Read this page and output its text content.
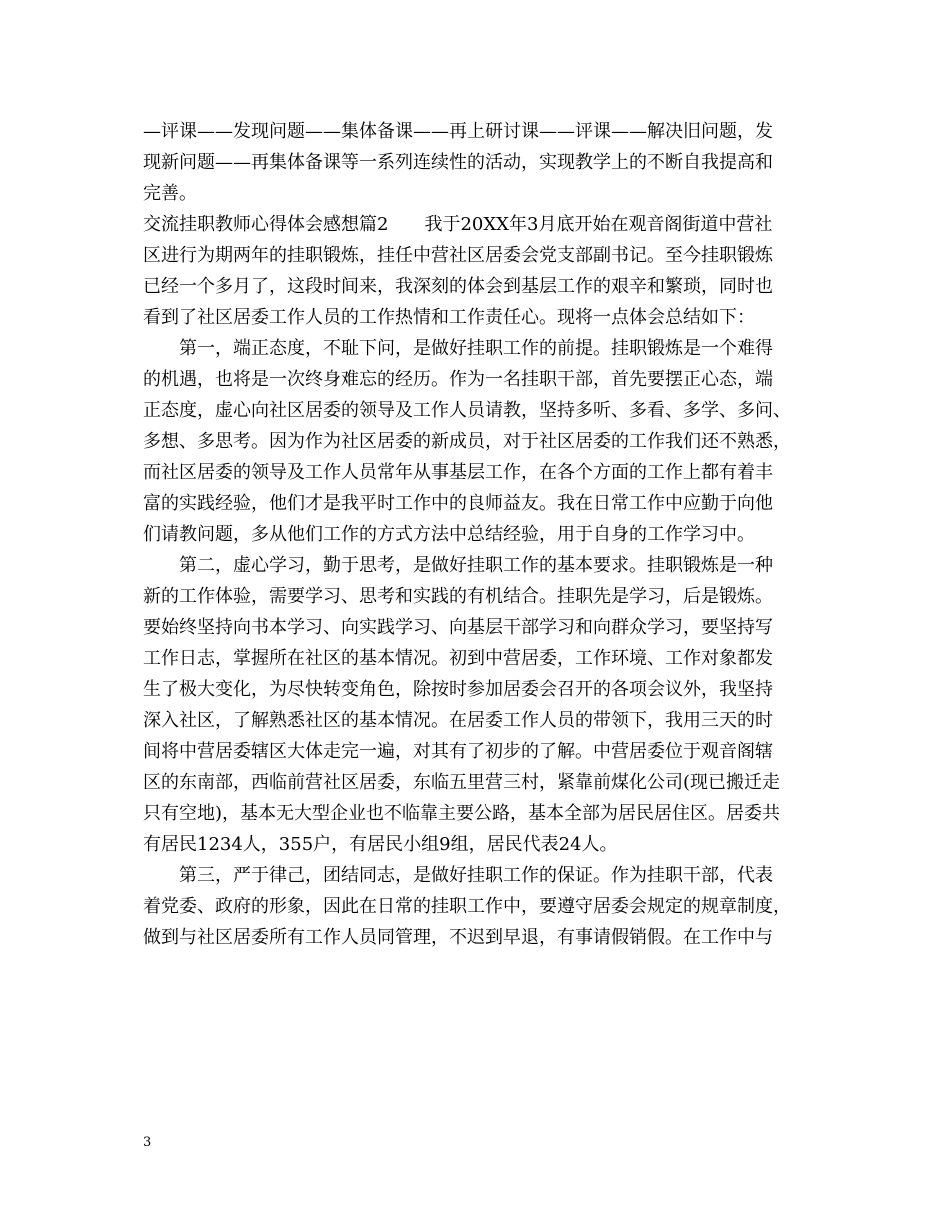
—评课——发现问题——集体备课——再上研讨课——评课——解决旧问题，发
现新问题——再集体备课等一系列连续性的活动，实现教学上的不断自我提高和
完善。
交流挂职教师心得体会感想篇2 我于20XX年3月底开始在观音阁街道中营社
区进行为期两年的挂职锻炼，挂任中营社区居委会党支部副书记。至今挂职锻炼
已经一个多月了，这段时间来，我深刻的体会到基层工作的艰辛和繁琐，同时也
看到了社区居委工作人员的工作热情和工作责任心。现将一点体会总结如下：
第一，端正态度，不耻下问，是做好挂职工作的前提。挂职锻炼是一个难得
的机遇，也将是一次终身难忘的经历。作为一名挂职干部，首先要摆正心态，端
正态度，虚心向社区居委的领导及工作人员请教，坚持多听、多看、多学、多问、
多想、多思考。因为作为社区居委的新成员，对于社区居委的工作我们还不熟悉，
而社区居委的领导及工作人员常年从事基层工作，在各个方面的工作上都有着丰
富的实践经验，他们才是我平时工作中的良师益友。我在日常工作中应勤于向他
们请教问题，多从他们工作的方式方法中总结经验，用于自身的工作学习中。
第二，虚心学习，勤于思考，是做好挂职工作的基本要求。挂职锻炼是一种
新的工作体验，需要学习、思考和实践的有机结合。挂职先是学习，后是锻炼。
要始终坚持向书本学习、向实践学习、向基层干部学习和向群众学习，要坚持写
工作日志，掌握所在社区的基本情况。初到中营居委，工作环境、工作对象都发
生了极大变化，为尽快转变角色，除按时参加居委会召开的各项会议外，我坚持
深入社区，了解熟悉社区的基本情况。在居委工作人员的带领下，我用三天的时
间将中营居委辖区大体走完一遍，对其有了初步的了解。中营居委位于观音阁辖
区的东南部，西临前营社区居委，东临五里营三村，紧靠前煤化公司(现已搬迁走
只有空地)，基本无大型企业也不临靠主要公路，基本全部为居民居住区。居委共
有居民1234人，355户，有居民小组9组，居民代表24人。
第三，严于律己，团结同志，是做好挂职工作的保证。作为挂职干部，代表
着党委、政府的形象，因此在日常的挂职工作中，要遵守居委会规定的规章制度，
做到与社区居委所有工作人员同管理，不迟到早退，有事请假销假。在工作中与
3
